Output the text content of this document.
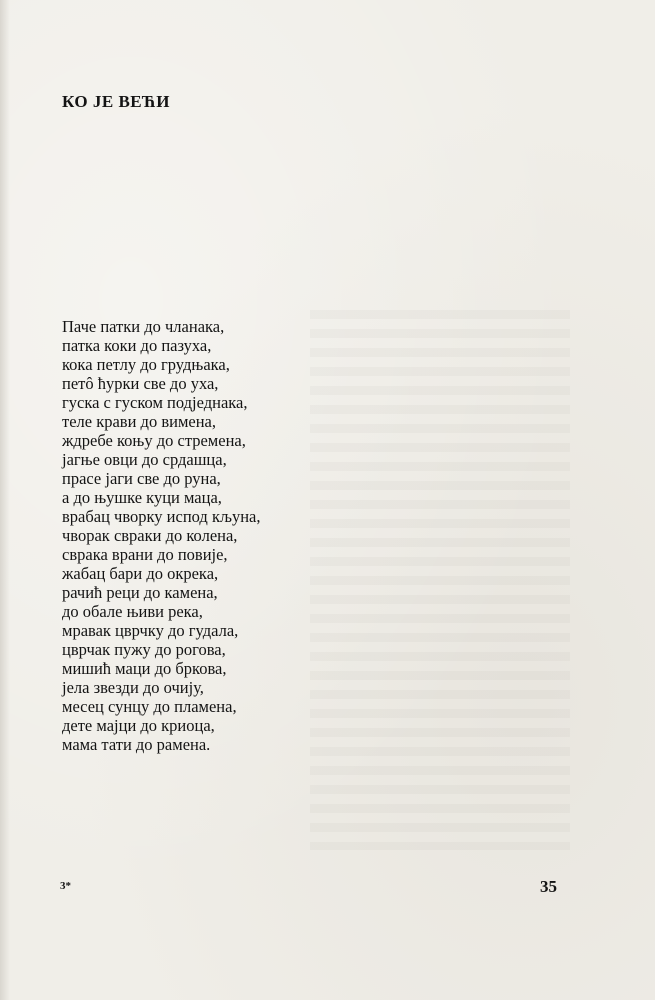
КО ЈЕ ВЕЋИ
Паче патки до чланака,
патка коки до пазуха,
кока петлу до грудњака,
петô ћурки све до уха,
гуска с гуском подједнака,
теле крави до вимена,
ждребе коњу до стремена,
јагње овци до срдашца,
прасе јаги све до руна,
а до њушке куци маца,
врабац чворку испод кљуна,
чворак свраки до колена,
сврака врани до повије,
жабац бари до окрека,
рачић реци до камена,
до обале њиви река,
мравак цврчку до гудала,
цврчак пужу до рогова,
мишић маци до бркова,
јела звезди до очију,
месец сунцу до пламена,
дете мајци до криоца,
мама тати до рамена.
3*	35
